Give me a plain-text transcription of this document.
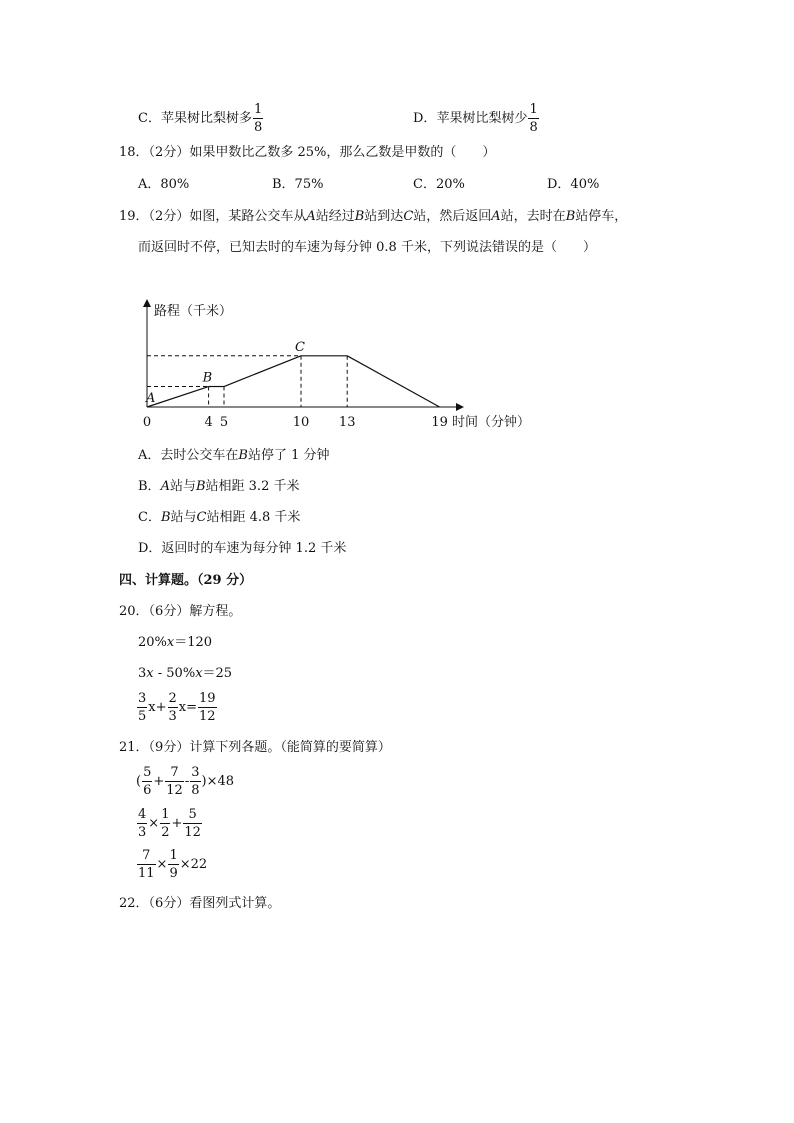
C．苹果树比梨树多 $\frac{1}{8}$	D．苹果树比梨树少 $\frac{1}{8}$
18．（2分）如果甲数比乙数多 25%，那么乙数是甲数的（　　）
A．80%	B．75%	C．20%	D．40%
19．（2分）如图，某路公交车从A站经过B站到达C站，然后返回A站，去时在B站停车，
而返回时不停，已知去时的车速为每分钟 0.8 千米，下列说法错误的是（　　）
路程（千米）
时间（分钟）
0	4 5	10 13	19
A
B
C
A．去时公交车在B站停了 1 分钟
B．A站与B站相距 3.2 千米
C．B站与C站相距 4.8 千米
D．返回时的车速为每分钟 1.2 千米
四、计算题。（29 分）
20．（6分）解方程。
20%x＝120
3x - 50%x＝25
$\frac{3}{5} x+ \frac{2}{3} x= \frac{19}{12}$
21．（9分）计算下列各题。（能简算的要简算）
( $\frac{5}{6} + \frac{7}{12} - \frac{3}{8} )\times 48$
$\frac{4}{3} \times \frac{1}{2} + \frac{5}{12}$
$\frac{7}{11} \times \frac{1}{9} \times 22$
22．（6分）看图列式计算。
